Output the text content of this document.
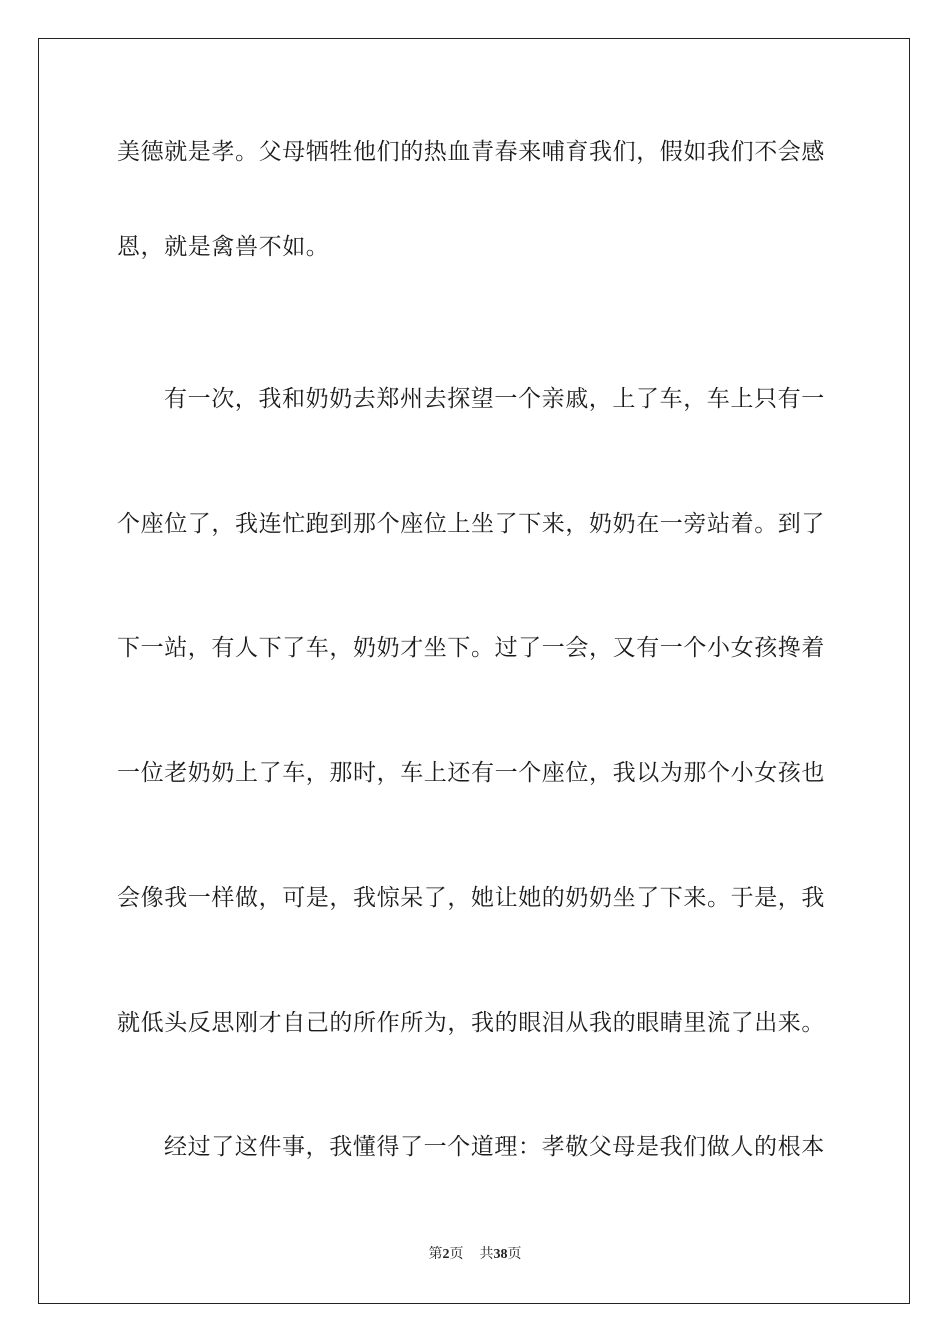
美德就是孝。父母牺牲他们的热血青春来哺育我们，假如我们不会感
恩，就是禽兽不如。
有一次，我和奶奶去郑州去探望一个亲戚，上了车，车上只有一
个座位了，我连忙跑到那个座位上坐了下来，奶奶在一旁站着。到了
下一站，有人下了车，奶奶才坐下。过了一会，又有一个小女孩搀着
一位老奶奶上了车，那时，车上还有一个座位，我以为那个小女孩也
会像我一样做，可是，我惊呆了，她让她的奶奶坐了下来。于是，我
就低头反思刚才自己的所作所为，我的眼泪从我的眼睛里流了出来。
经过了这件事，我懂得了一个道理：孝敬父母是我们做人的根本
第2页 共38页
